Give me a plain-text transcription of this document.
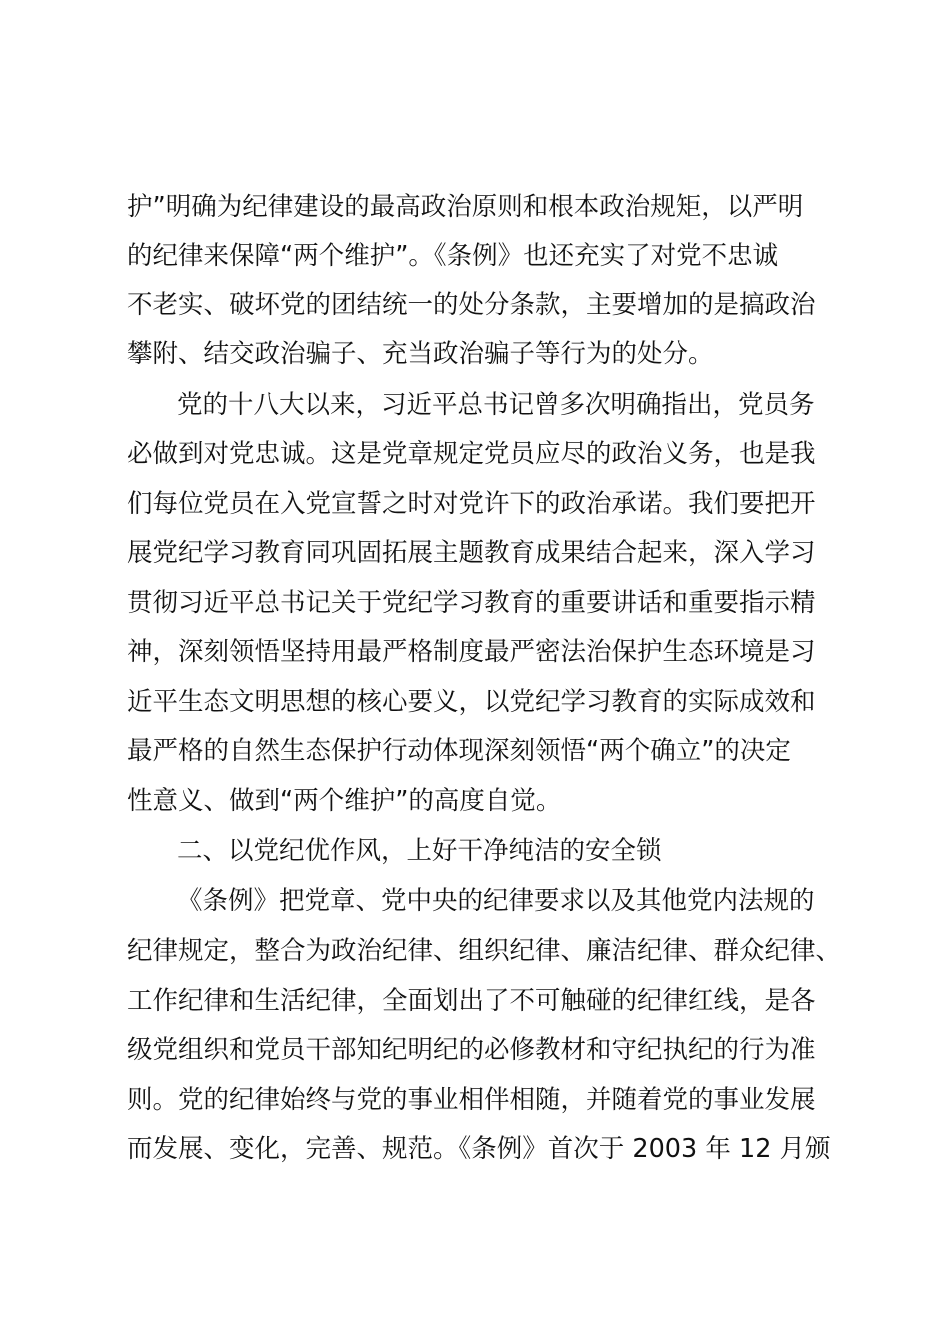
护”明确为纪律建设的最高政治原则和根本政治规矩，以严明
的纪律来保障“两个维护”。《条例》也还充实了对党不忠诚
不老实、破坏党的团结统一的处分条款，主要增加的是搞政治
攀附、结交政治骗子、充当政治骗子等行为的处分。
党的十八大以来，习近平总书记曾多次明确指出，党员务
必做到对党忠诚。这是党章规定党员应尽的政治义务，也是我
们每位党员在入党宣誓之时对党许下的政治承诺。我们要把开
展党纪学习教育同巩固拓展主题教育成果结合起来，深入学习
贯彻习近平总书记关于党纪学习教育的重要讲话和重要指示精
神，深刻领悟坚持用最严格制度最严密法治保护生态环境是习
近平生态文明思想的核心要义，以党纪学习教育的实际成效和
最严格的自然生态保护行动体现深刻领悟“两个确立”的决定
性意义、做到“两个维护”的高度自觉。
二、以党纪优作风，上好干净纯洁的安全锁
《条例》把党章、党中央的纪律要求以及其他党内法规的
纪律规定，整合为政治纪律、组织纪律、廉洁纪律、群众纪律、
工作纪律和生活纪律，全面划出了不可触碰的纪律红线，是各
级党组织和党员干部知纪明纪的必修教材和守纪执纪的行为准
则。党的纪律始终与党的事业相伴相随，并随着党的事业发展
而发展、变化，完善、规范。《条例》首次于 2003 年 12 月颁
